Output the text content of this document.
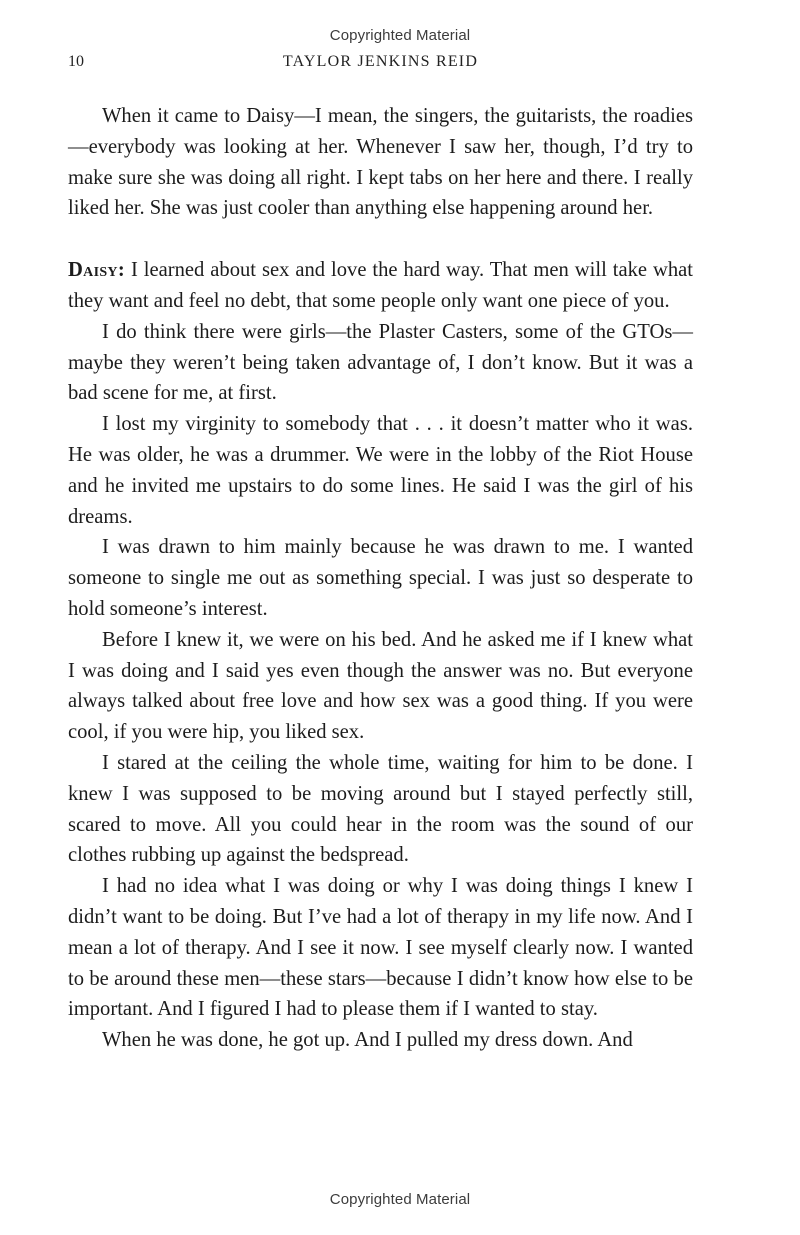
Copyrighted Material
10	TAYLOR JENKINS REID

When it came to Daisy—I mean, the singers, the guitarists, the roadies—everybody was looking at her. Whenever I saw her, though, I’d try to make sure she was doing all right. I kept tabs on her here and there. I really liked her. She was just cooler than anything else happening around her.

Daisy: I learned about sex and love the hard way. That men will take what they want and feel no debt, that some people only want one piece of you.

I do think there were girls—the Plaster Casters, some of the GTOs—maybe they weren’t being taken advantage of, I don’t know. But it was a bad scene for me, at first.

I lost my virginity to somebody that . . . it doesn’t matter who it was. He was older, he was a drummer. We were in the lobby of the Riot House and he invited me upstairs to do some lines. He said I was the girl of his dreams.

I was drawn to him mainly because he was drawn to me. I wanted someone to single me out as something special. I was just so desperate to hold someone’s interest.

Before I knew it, we were on his bed. And he asked me if I knew what I was doing and I said yes even though the answer was no. But everyone always talked about free love and how sex was a good thing. If you were cool, if you were hip, you liked sex.

I stared at the ceiling the whole time, waiting for him to be done. I knew I was supposed to be moving around but I stayed perfectly still, scared to move. All you could hear in the room was the sound of our clothes rubbing up against the bedspread.

I had no idea what I was doing or why I was doing things I knew I didn’t want to be doing. But I’ve had a lot of therapy in my life now. And I mean a lot of therapy. And I see it now. I see myself clearly now. I wanted to be around these men—these stars—because I didn’t know how else to be important. And I figured I had to please them if I wanted to stay.

When he was done, he got up. And I pulled my dress down. And

Copyrighted Material
